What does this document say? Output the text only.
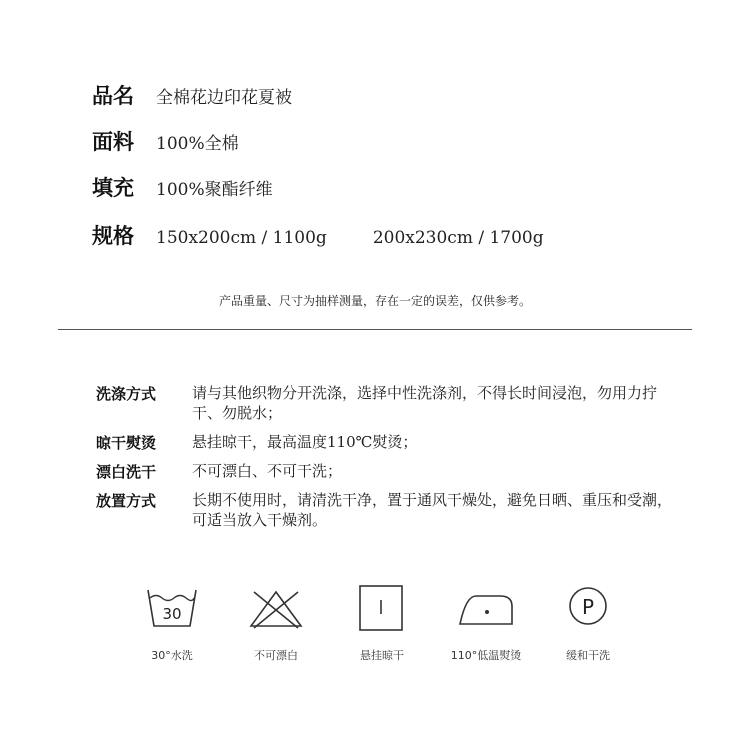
品名	全棉花边印花夏被
面料	100%全棉
填充	100%聚酯纤维
规格	150x200cm / 1100g	200x230cm / 1700g
产品重量、尺寸为抽样测量，存在一定的误差，仅供参考。
洗涤方式	请与其他织物分开洗涤，选择中性洗涤剂，不得长时间浸泡，勿用力拧干、勿脱水；
晾干熨烫	悬挂晾干，最高温度110℃熨烫；
漂白洗干	不可漂白、不可干洗；
放置方式	长期不使用时，请清洗干净，置于通风干燥处，避免日晒、重压和受潮，可适当放入干燥剂。
30	P
30°水洗	不可漂白	悬挂晾干	110°低温熨烫	缓和干洗
